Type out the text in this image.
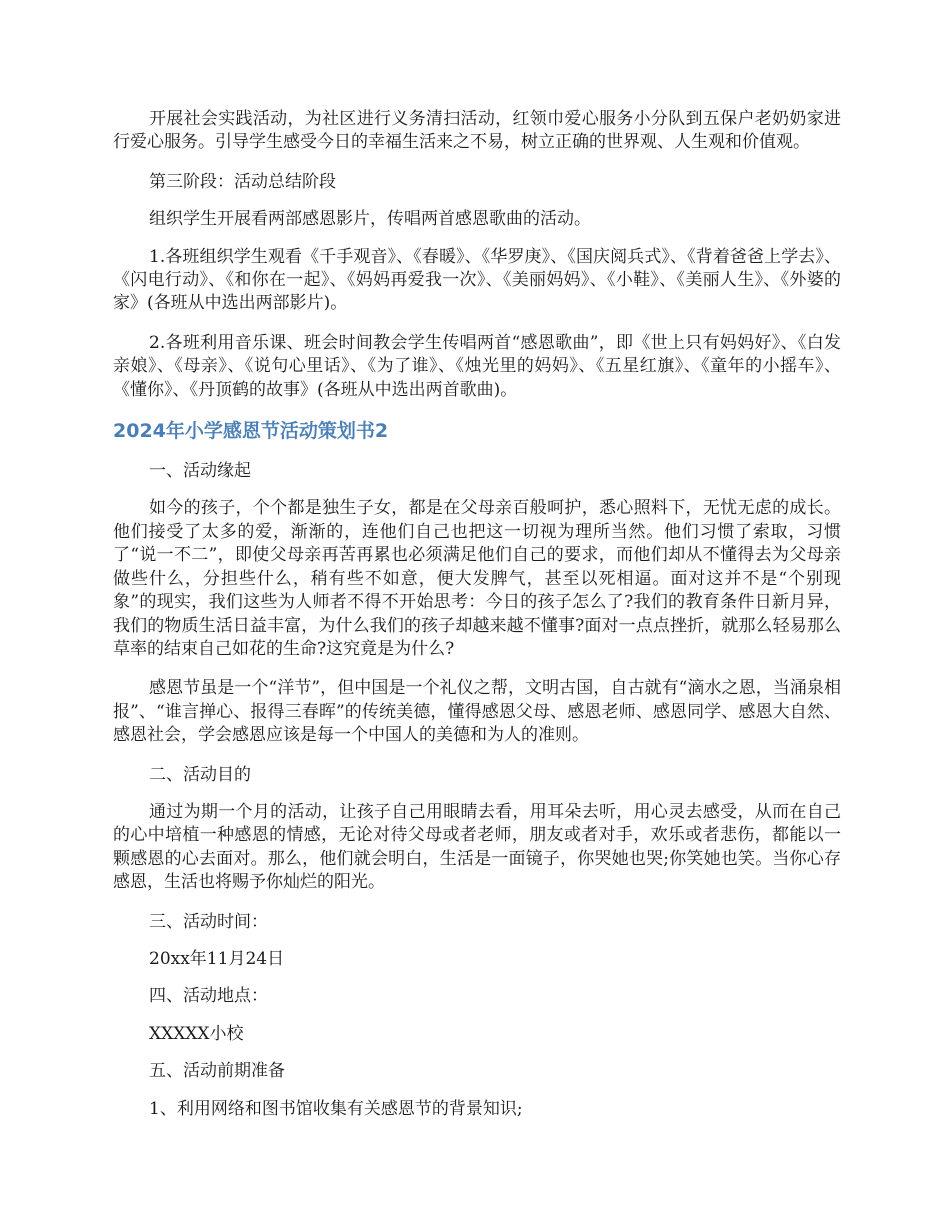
开展社会实践活动，为社区进行义务清扫活动，红领巾爱心服务小分队到五保户老奶奶家进行爱心服务。引导学生感受今日的幸福生活来之不易，树立正确的世界观、人生观和价值观。

第三阶段：活动总结阶段

组织学生开展看两部感恩影片，传唱两首感恩歌曲的活动。

1.各班组织学生观看《千手观音》、《春暖》、《华罗庚》、《国庆阅兵式》、《背着爸爸上学去》、《闪电行动》、《和你在一起》、《妈妈再爱我一次》、《美丽妈妈》、《小鞋》、《美丽人生》、《外婆的家》(各班从中选出两部影片)。

2.各班利用音乐课、班会时间教会学生传唱两首“感恩歌曲”，即《世上只有妈妈好》、《白发亲娘》、《母亲》、《说句心里话》、《为了谁》、《烛光里的妈妈》、《五星红旗》、《童年的小摇车》、《懂你》、《丹顶鹤的故事》(各班从中选出两首歌曲)。

2024年小学感恩节活动策划书2

一、活动缘起

如今的孩子，个个都是独生子女，都是在父母亲百般呵护，悉心照料下，无忧无虑的成长。他们接受了太多的爱，渐渐的，连他们自己也把这一切视为理所当然。他们习惯了索取，习惯了“说一不二”，即使父母亲再苦再累也必须满足他们自己的要求，而他们却从不懂得去为父母亲做些什么，分担些什么，稍有些不如意，便大发脾气，甚至以死相逼。面对这并不是“个别现象”的现实，我们这些为人师者不得不开始思考：今日的孩子怎么了?我们的教育条件日新月异，我们的物质生活日益丰富，为什么我们的孩子却越来越不懂事?面对一点点挫折，就那么轻易那么草率的结束自己如花的生命?这究竟是为什么?

感恩节虽是一个“洋节”，但中国是一个礼仪之帮，文明古国，自古就有“滴水之恩，当涌泉相报”、“谁言掸心、报得三春晖”的传统美德，懂得感恩父母、感恩老师、感恩同学、感恩大自然、感恩社会，学会感恩应该是每一个中国人的美德和为人的准则。

二、活动目的

通过为期一个月的活动，让孩子自己用眼睛去看，用耳朵去听，用心灵去感受，从而在自己的心中培植一种感恩的情感，无论对待父母或者老师，朋友或者对手，欢乐或者悲伤，都能以一颗感恩的心去面对。那么，他们就会明白，生活是一面镜子，你哭她也哭;你笑她也笑。当你心存感恩，生活也将赐予你灿烂的阳光。

三、活动时间：

20xx年11月24日

四、活动地点：

XXXXX小校

五、活动前期准备

1、利用网络和图书馆收集有关感恩节的背景知识;
